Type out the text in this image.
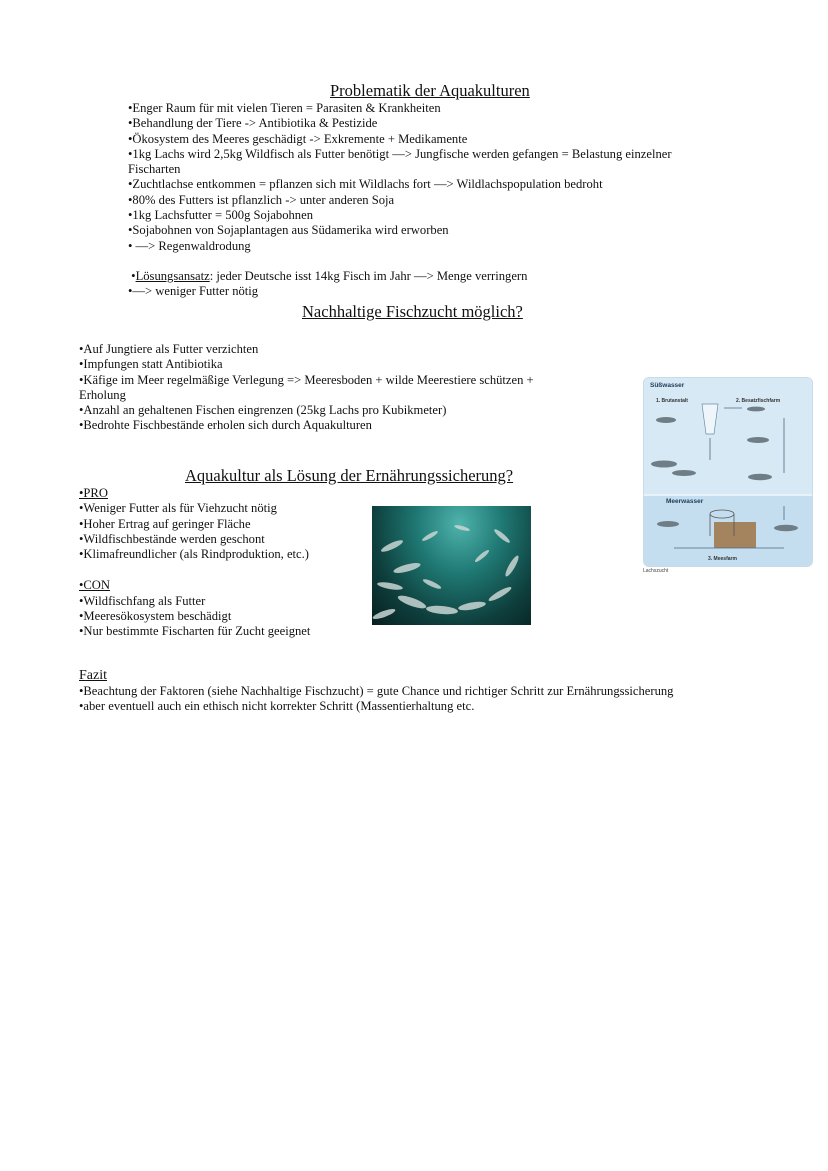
Problematik der Aquakulturen
•Enger Raum für mit vielen Tieren = Parasiten & Krankheiten
•Behandlung der Tiere -> Antibiotika & Pestizide
•Ökosystem des Meeres geschädigt -> Exkremente + Medikamente
•1kg Lachs wird 2,5kg Wildfisch als Futter benötigt —> Jungfische werden gefangen = Belastung einzelner
Fischarten
•Zuchtlachse entkommen = pflanzen sich mit Wildlachs fort —> Wildlachspopulation bedroht
•80% des Futters ist pflanzlich -> unter anderen Soja
•1kg Lachsfutter = 500g Sojabohnen
•Sojabohnen von Sojaplantagen aus Südamerika wird erworben
• —> Regenwaldrodung
•Lösungsansatz: jeder Deutsche isst 14kg Fisch im Jahr —> Menge verringern
•—> weniger Futter nötig
Nachhaltige Fischzucht möglich?
•Auf Jungtiere als Futter verzichten
•Impfungen statt Antibiotika
•Käfige im Meer regelmäßige Verlegung => Meeresboden + wilde Meerestiere schützen +
Erholung
•Anzahl an gehaltenen Fischen eingrenzen (25kg Lachs pro Kubikmeter)
•Bedrohte Fischbestände erholen sich durch Aquakulturen
Süßwasser
1. Brutanstalt	2. Besatzfischfarm
Meerwasser
3. Meesfarm
Lachszucht
Aquakultur als Lösung der Ernährungssicherung?
•PRO
•Weniger Futter als für Viehzucht nötig
•Hoher Ertrag auf geringer Fläche
•Wildfischbestände werden geschont
•Klimafreundlicher (als Rindproduktion, etc.)
•CON
•Wildfischfang als Futter
•Meeresökosystem beschädigt
•Nur bestimmte Fischarten für Zucht geeignet
Fazit
•Beachtung der Faktoren (siehe Nachhaltige Fischzucht) = gute Chance und richtiger Schritt zur Ernährungssicherung
•aber eventuell auch ein ethisch nicht korrekter Schritt (Massentierhaltung etc.
